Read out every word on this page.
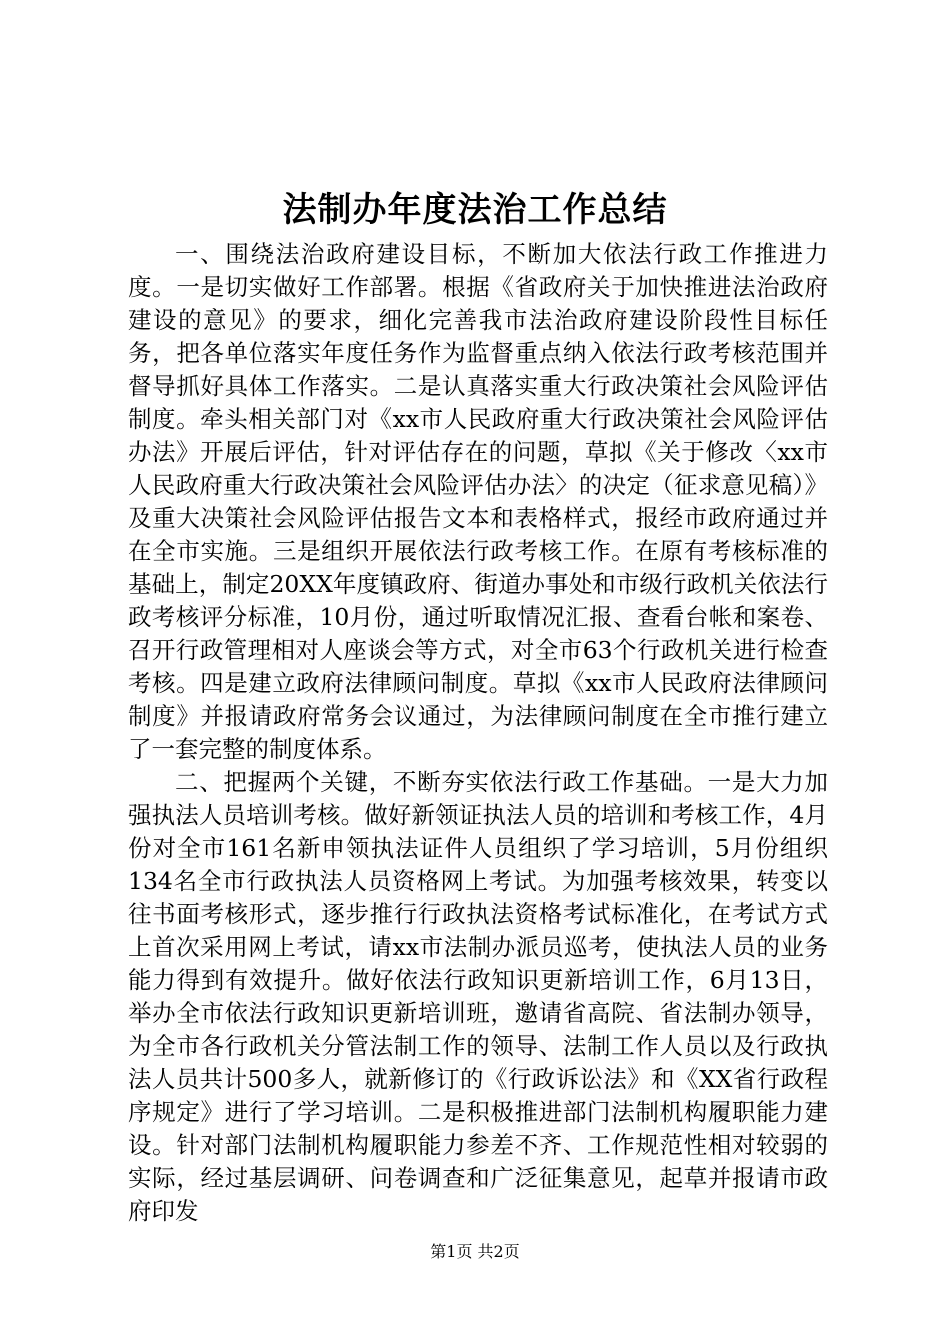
法制办年度法治工作总结

一、围绕法治政府建设目标，不断加大依法行政工作推进力度。一是切实做好工作部署。根据《省政府关于加快推进法治政府建设的意见》的要求，细化完善我市法治政府建设阶段性目标任务，把各单位落实年度任务作为监督重点纳入依法行政考核范围并督导抓好具体工作落实。二是认真落实重大行政决策社会风险评估制度。牵头相关部门对《xx市人民政府重大行政决策社会风险评估办法》开展后评估，针对评估存在的问题，草拟《关于修改〈xx市人民政府重大行政决策社会风险评估办法〉的决定（征求意见稿）》及重大决策社会风险评估报告文本和表格样式，报经市政府通过并在全市实施。三是组织开展依法行政考核工作。在原有考核标准的基础上，制定20XX年度镇政府、街道办事处和市级行政机关依法行政考核评分标准，10月份，通过听取情况汇报、查看台帐和案卷、召开行政管理相对人座谈会等方式，对全市63个行政机关进行检查考核。四是建立政府法律顾问制度。草拟《xx市人民政府法律顾问制度》并报请政府常务会议通过，为法律顾问制度在全市推行建立了一套完整的制度体系。

二、把握两个关键，不断夯实依法行政工作基础。一是大力加强执法人员培训考核。做好新领证执法人员的培训和考核工作，4月份对全市161名新申领执法证件人员组织了学习培训，5月份组织134名全市行政执法人员资格网上考试。为加强考核效果，转变以往书面考核形式，逐步推行行政执法资格考试标准化，在考试方式上首次采用网上考试，请xx市法制办派员巡考，使执法人员的业务能力得到有效提升。做好依法行政知识更新培训工作，6月13日，举办全市依法行政知识更新培训班，邀请省高院、省法制办领导，为全市各行政机关分管法制工作的领导、法制工作人员以及行政执法人员共计500多人，就新修订的《行政诉讼法》和《XX省行政程序规定》进行了学习培训。二是积极推进部门法制机构履职能力建设。针对部门法制机构履职能力参差不齐、工作规范性相对较弱的实际，经过基层调研、问卷调查和广泛征集意见，起草并报请市政府印发

第1页 共2页
